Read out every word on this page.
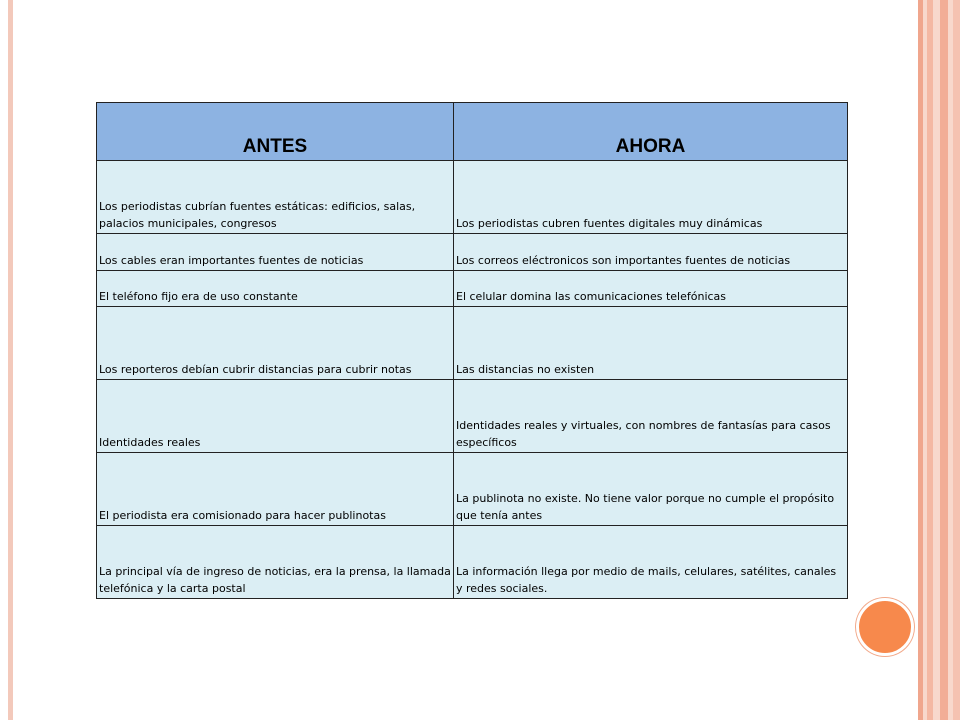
ANTES	AHORA
Los periodistas cubrían fuentes estáticas: edificios, salas, palacios municipales, congresos	Los periodistas cubren fuentes digitales muy dinámicas
Los cables eran importantes fuentes de noticias	Los correos eléctronicos son importantes fuentes de noticias
El teléfono fijo era de uso constante	El celular domina las comunicaciones telefónicas
Los reporteros debían cubrir distancias para cubrir notas	Las distancias no existen
Identidades reales	Identidades reales y virtuales, con nombres de fantasías para casos específicos
El periodista era comisionado para hacer publinotas	La publinota no existe. No tiene valor porque no cumple el propósito que tenía antes
La principal vía de ingreso de noticias, era la prensa, la llamada telefónica y la carta postal	La información llega por medio de mails, celulares, satélites, canales y redes sociales.
